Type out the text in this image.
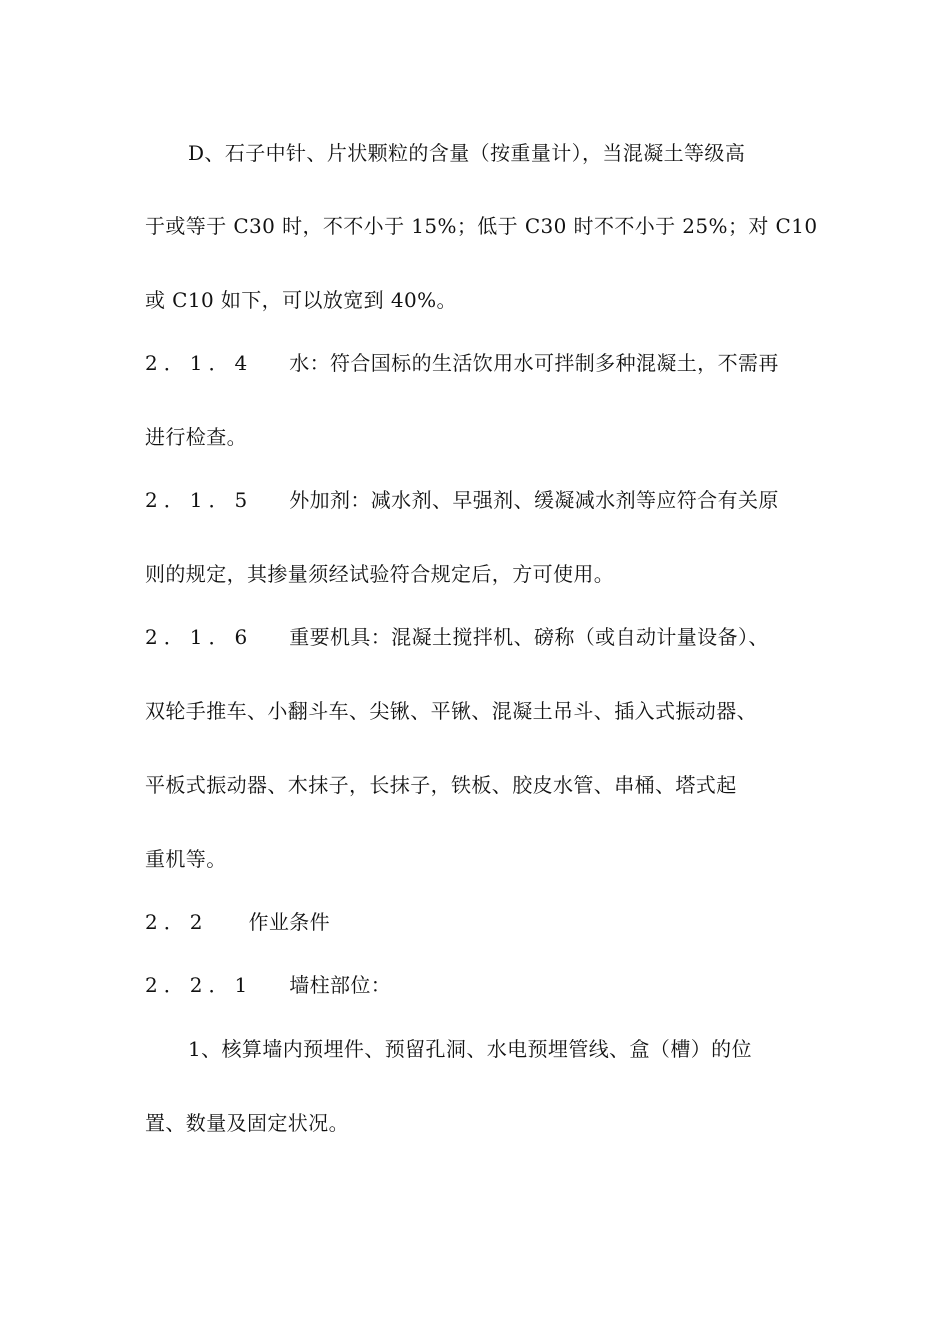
D、石子中针、片状颗粒的含量（按重量计），当混凝土等级高
于或等于 C30 时，不不小于 15%；低于 C30 时不不小于 25%；对 C10
或 C10 如下，可以放宽到 40%。
2．1．4 水：符合国标的生活饮用水可拌制多种混凝土，不需再
进行检查。
2．1．5 外加剂：减水剂、早强剂、缓凝减水剂等应符合有关原
则的规定，其掺量须经试验符合规定后，方可使用。
2．1．6 重要机具：混凝土搅拌机、磅称（或自动计量设备）、
双轮手推车、小翻斗车、尖锹、平锹、混凝土吊斗、插入式振动器、
平板式振动器、木抹子，长抹子，铁板、胶皮水管、串桶、塔式起
重机等。
2．2 作业条件
2．2．1 墙柱部位：
1、核算墙内预埋件、预留孔洞、水电预埋管线、盒（槽）的位
置、数量及固定状况。
